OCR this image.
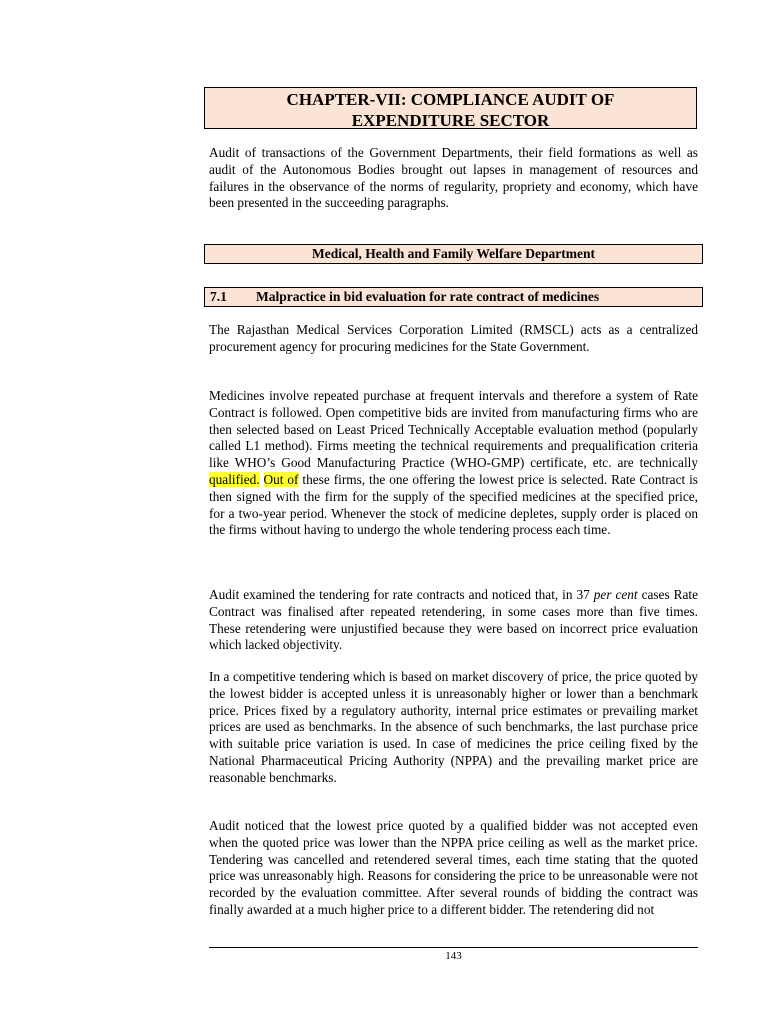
CHAPTER-VII: COMPLIANCE AUDIT OF
EXPENDITURE SECTOR

Audit of transactions of the Government Departments, their field formations as well as audit of the Autonomous Bodies brought out lapses in management of resources and failures in the observance of the norms of regularity, propriety and economy, which have been presented in the succeeding paragraphs.

Medical, Health and Family Welfare Department
7.1 Malpractice in bid evaluation for rate contract of medicines

The Rajasthan Medical Services Corporation Limited (RMSCL) acts as a centralized procurement agency for procuring medicines for the State Government.

Medicines involve repeated purchase at frequent intervals and therefore a system of Rate Contract is followed. Open competitive bids are invited from manufacturing firms who are then selected based on Least Priced Technically Acceptable evaluation method (popularly called L1 method). Firms meeting the technical requirements and prequalification criteria like WHO’s Good Manufacturing Practice (WHO-GMP) certificate, etc. are technically qualified. Out of these firms, the one offering the lowest price is selected. Rate Contract is then signed with the firm for the supply of the specified medicines at the specified price, for a two-year period. Whenever the stock of medicine depletes, supply order is placed on the firms without having to undergo the whole tendering process each time.

Audit examined the tendering for rate contracts and noticed that, in 37 per cent cases Rate Contract was finalised after repeated retendering, in some cases more than five times. These retendering were unjustified because they were based on incorrect price evaluation which lacked objectivity.

In a competitive tendering which is based on market discovery of price, the price quoted by the lowest bidder is accepted unless it is unreasonably higher or lower than a benchmark price. Prices fixed by a regulatory authority, internal price estimates or prevailing market prices are used as benchmarks. In the absence of such benchmarks, the last purchase price with suitable price variation is used. In case of medicines the price ceiling fixed by the National Pharmaceutical Pricing Authority (NPPA) and the prevailing market price are reasonable benchmarks.

Audit noticed that the lowest price quoted by a qualified bidder was not accepted even when the quoted price was lower than the NPPA price ceiling as well as the market price. Tendering was cancelled and retendered several times, each time stating that the quoted price was unreasonably high. Reasons for considering the price to be unreasonable were not recorded by the evaluation committee. After several rounds of bidding the contract was finally awarded at a much higher price to a different bidder. The retendering did not

143
